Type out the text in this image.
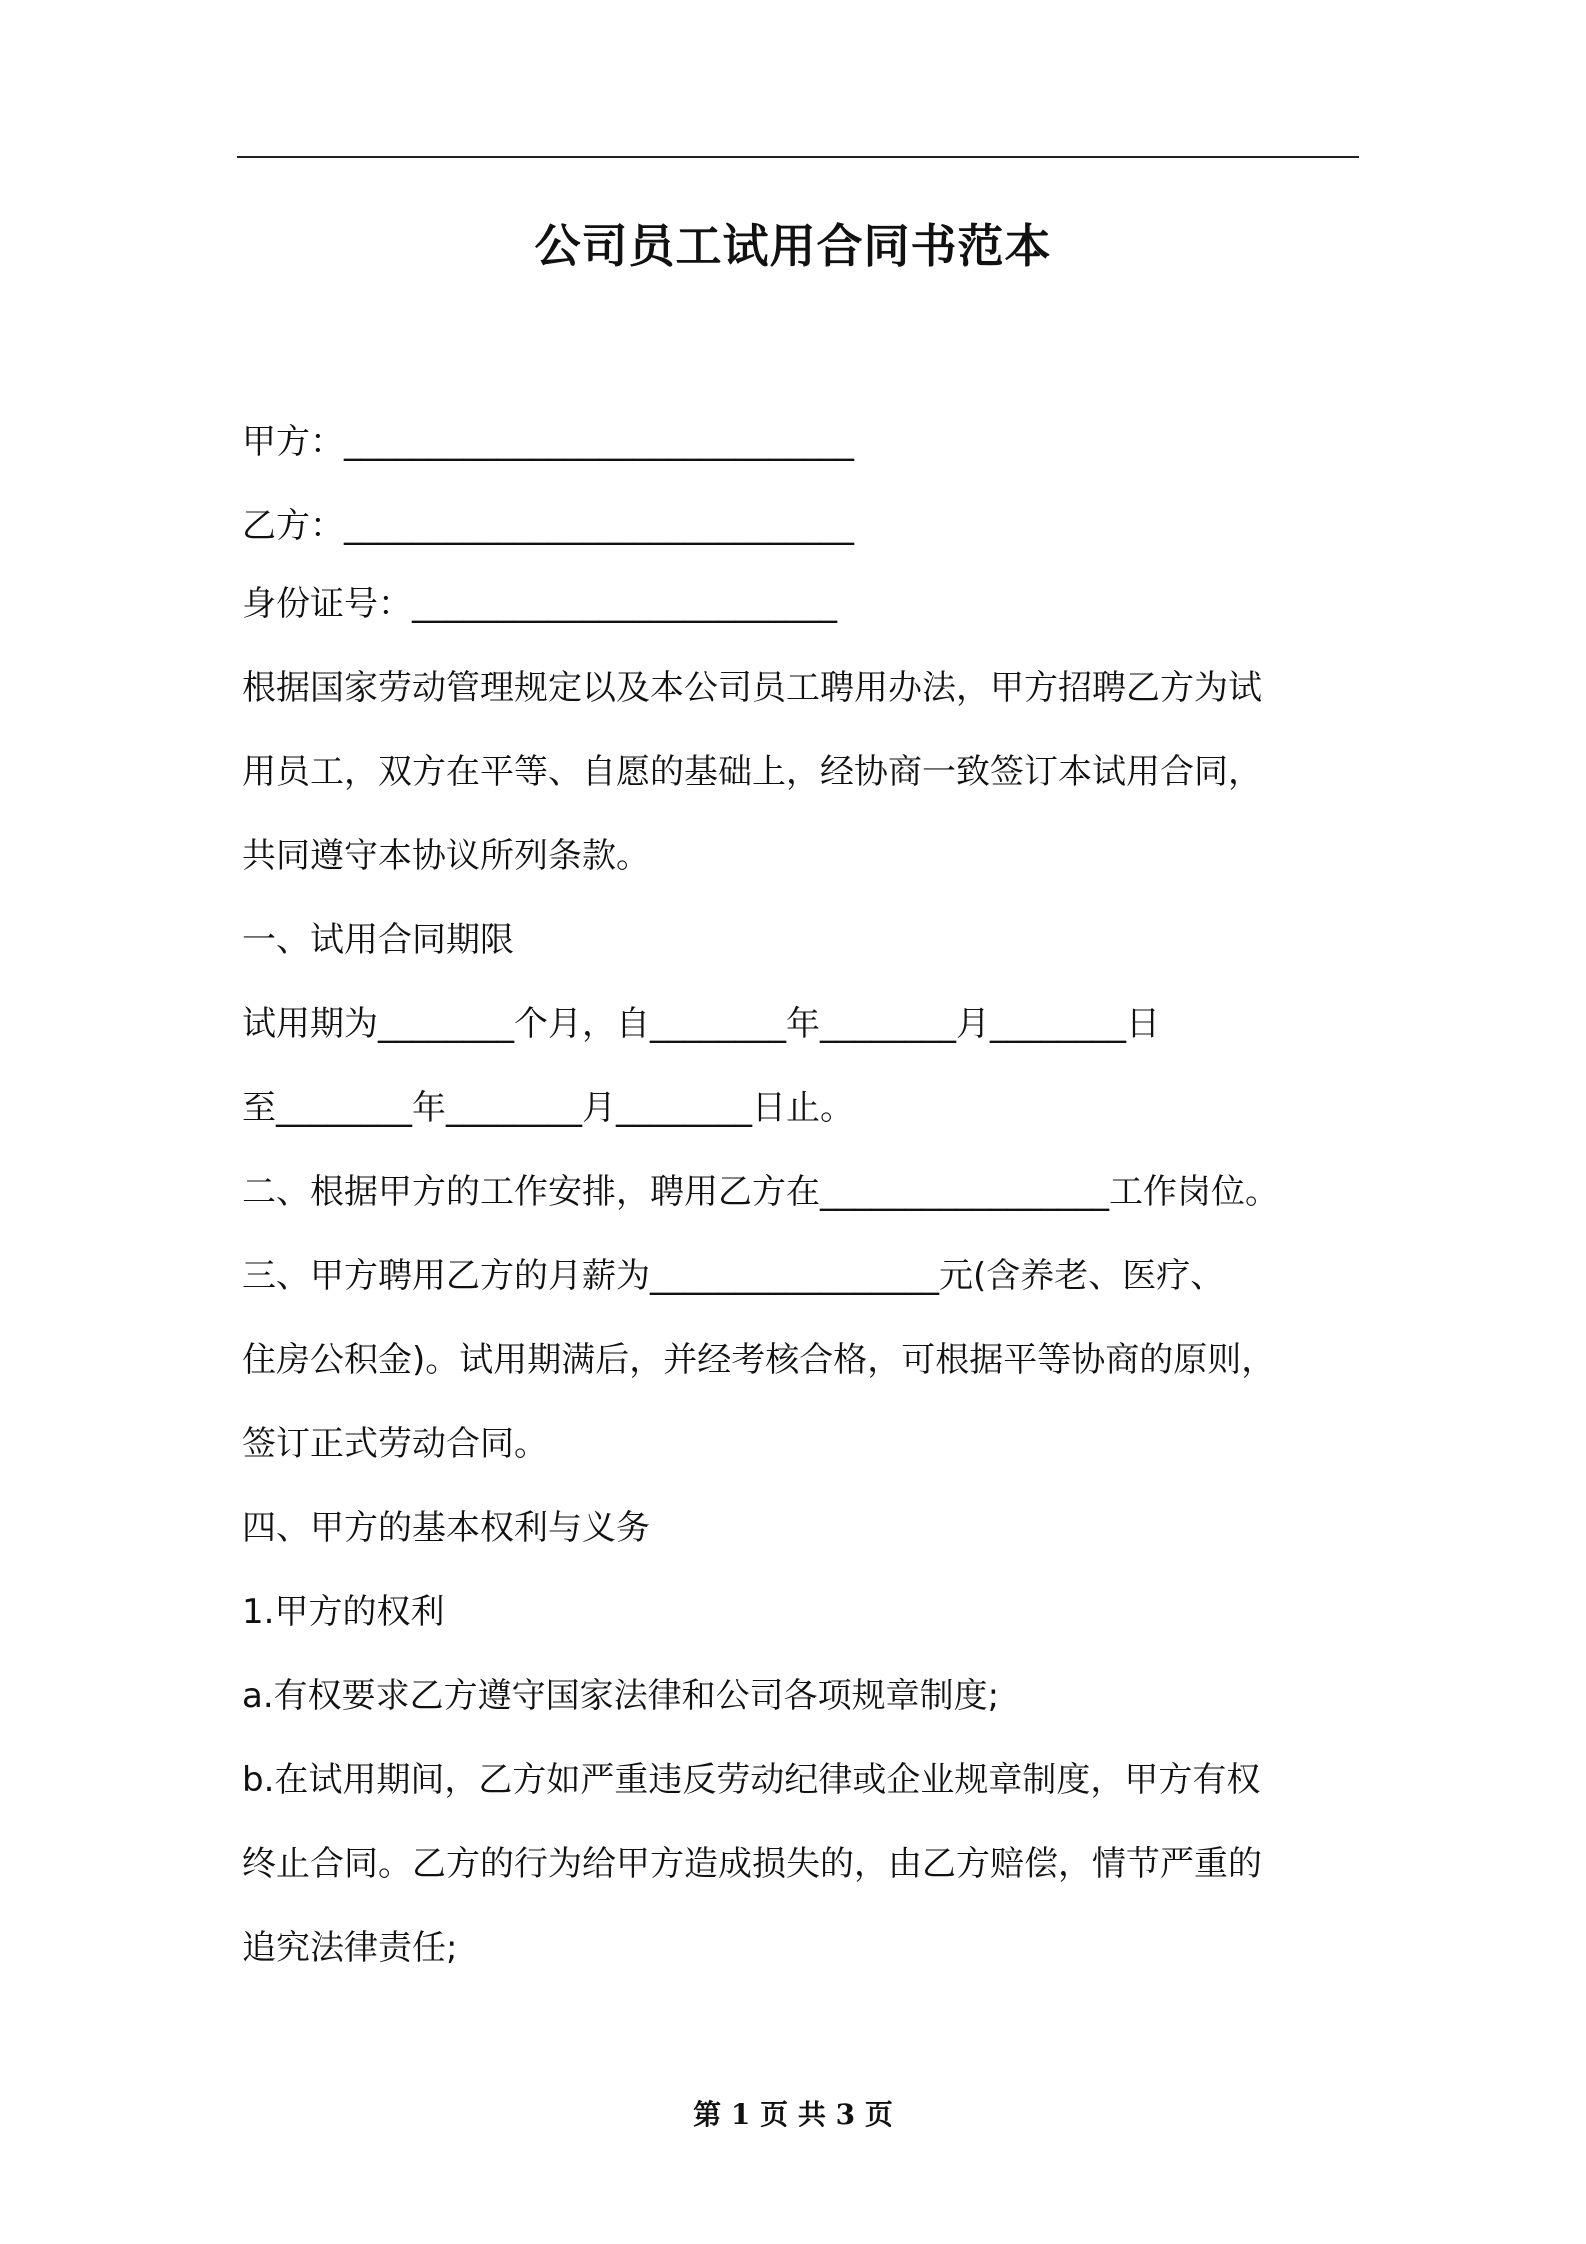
公司员工试用合同书范本
甲方：______________________________
乙方：______________________________
身份证号：_________________________
根据国家劳动管理规定以及本公司员工聘用办法，甲方招聘乙方为试
用员工，双方在平等、自愿的基础上，经协商一致签订本试用合同，
共同遵守本协议所列条款。
一、试用合同期限
试用期为________个月，自________年________月________日
至________年________月________日止。
二、根据甲方的工作安排，聘用乙方在_________________工作岗位。
三、甲方聘用乙方的月薪为_________________元(含养老、医疗、
住房公积金)。试用期满后，并经考核合格，可根据平等协商的原则，
签订正式劳动合同。
四、甲方的基本权利与义务
1.甲方的权利
a.有权要求乙方遵守国家法律和公司各项规章制度;
b.在试用期间，乙方如严重违反劳动纪律或企业规章制度，甲方有权
终止合同。乙方的行为给甲方造成损失的，由乙方赔偿，情节严重的
追究法律责任;
第 1 页 共 3 页
